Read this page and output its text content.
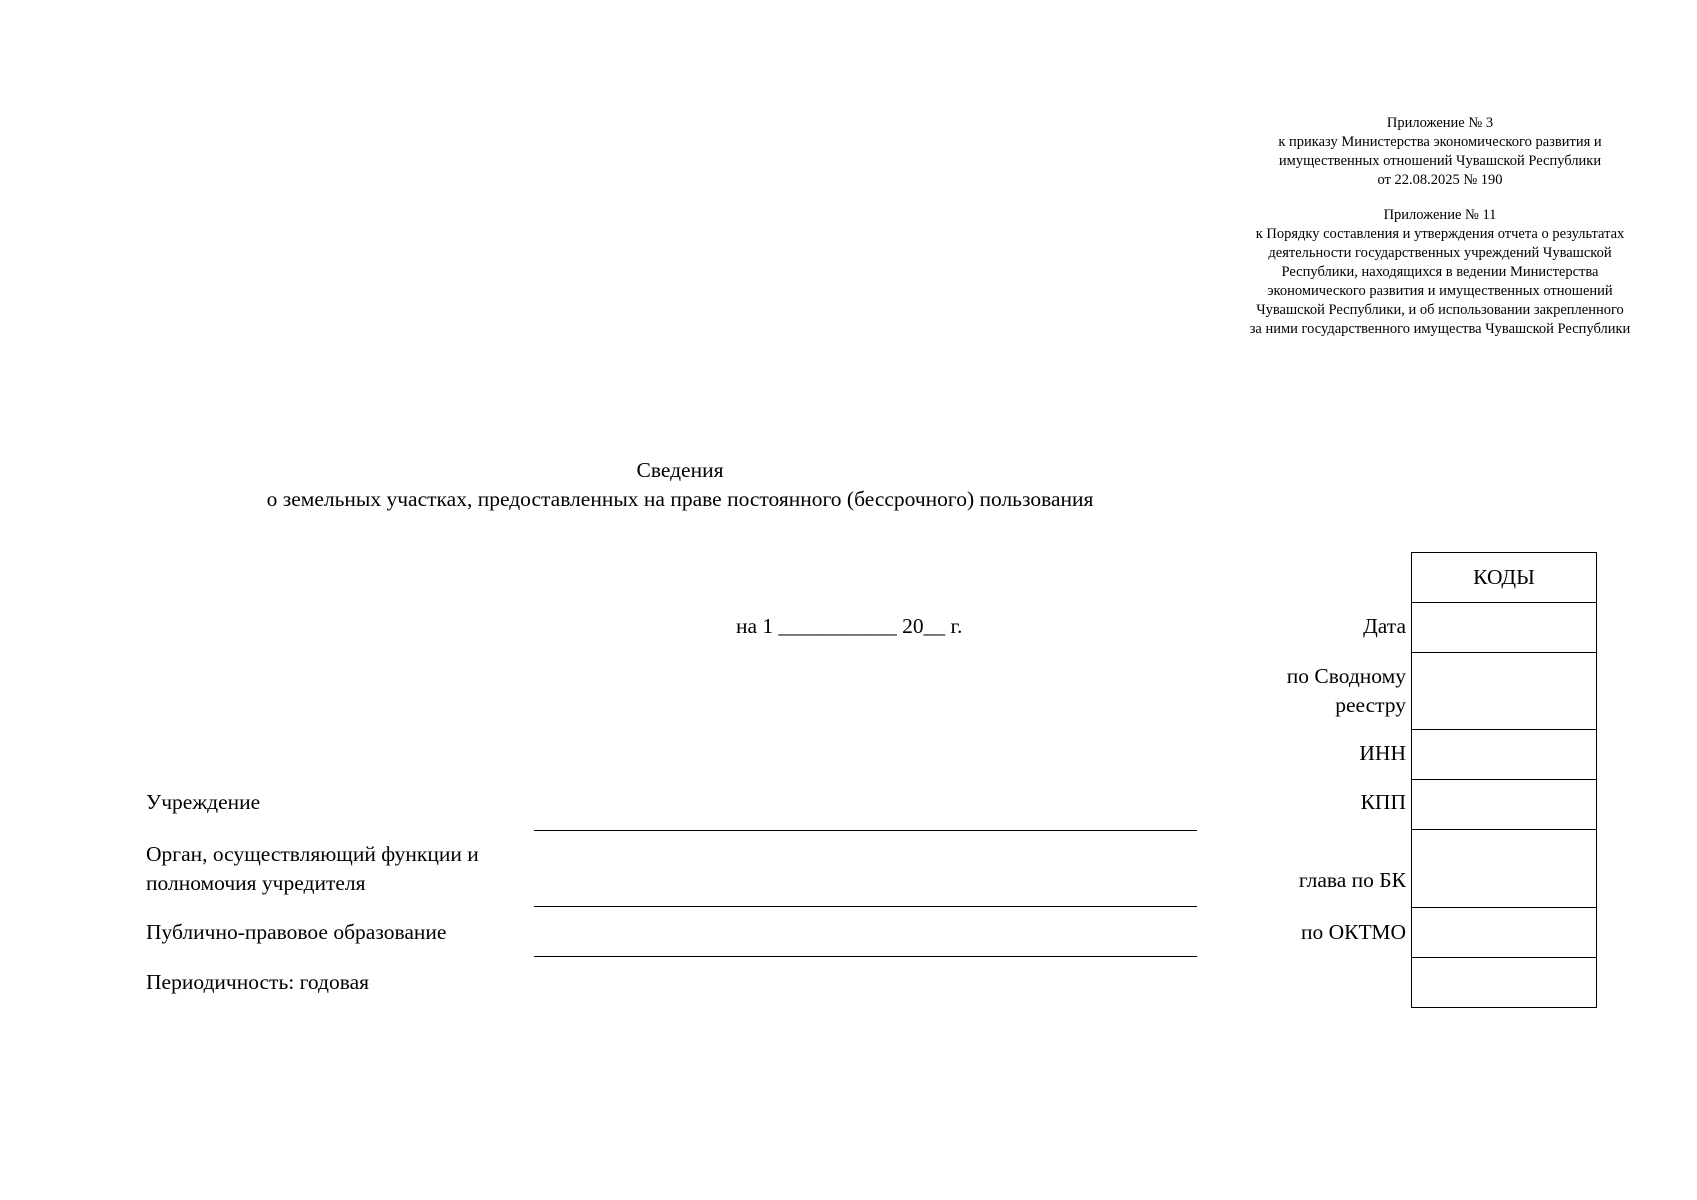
Приложение № 3
к приказу Министерства экономического развития и
имущественных отношений Чувашской Республики
от 22.08.2025 № 190
Приложение № 11
к Порядку составления и утверждения отчета о результатах
деятельности государственных учреждений Чувашской
Республики, находящихся в ведении Министерства
экономического развития и имущественных отношений
Чувашской Республики, и об использовании закрепленного
за ними государственного имущества Чувашской Республики
Сведения
о земельных участках, предоставленных на праве постоянного (бессрочного) пользования
на 1 ___________ 20__ г.
Учреждение
Орган, осуществляющий функции и
полномочия учредителя
Публично-правовое образование
Периодичность: годовая
Дата
по Сводному
реестру
ИНН
КПП
глава по БК
по ОКТМО
КОДЫ
